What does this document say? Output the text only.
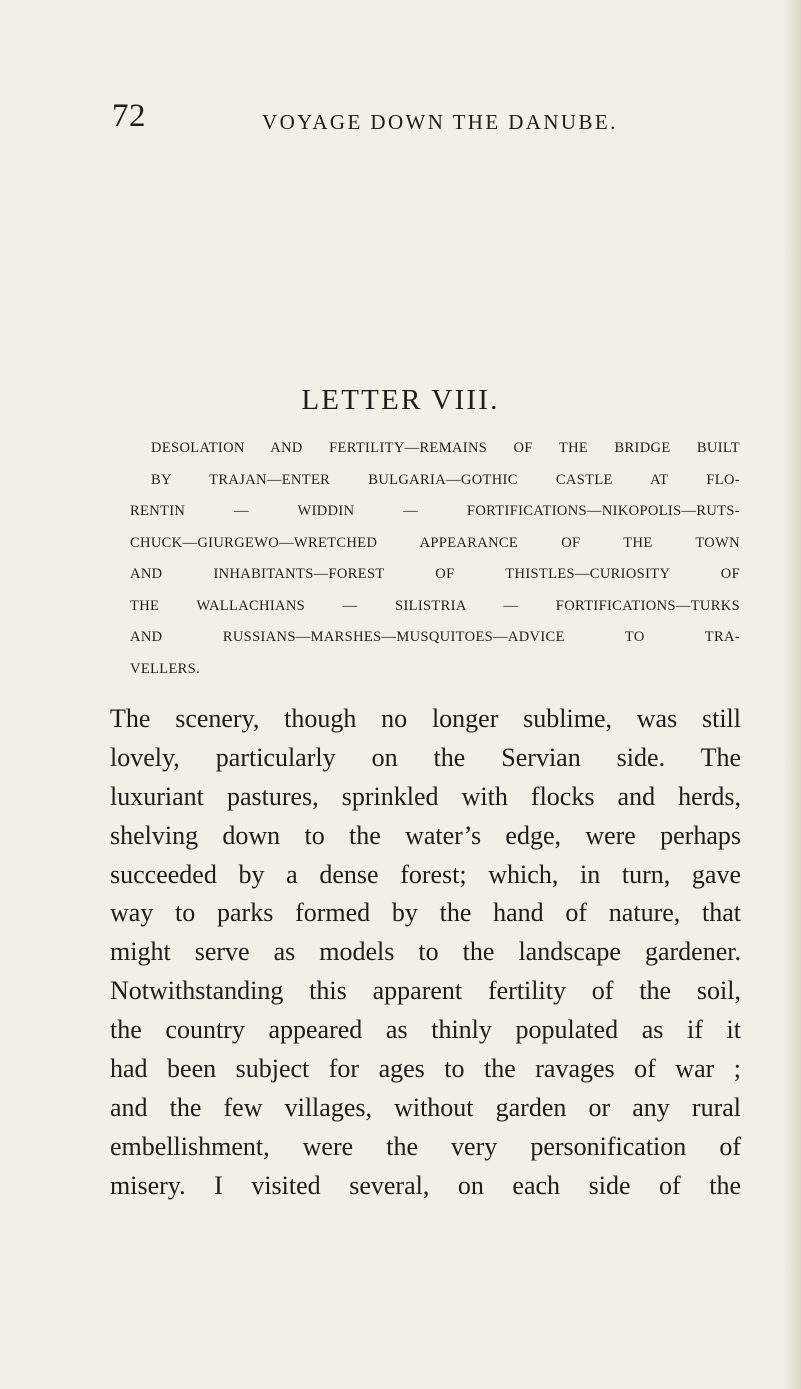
72	VOYAGE DOWN THE DANUBE.
LETTER VIII.
DESOLATION AND FERTILITY—REMAINS OF THE BRIDGE BUILT
BY TRAJAN—ENTER BULGARIA—GOTHIC CASTLE AT FLO-
RENTIN — WIDDIN — FORTIFICATIONS—NIKOPOLIS—RUTS-
CHUCK—GIURGEWO—WRETCHED APPEARANCE OF THE TOWN
AND INHABITANTS—FOREST OF THISTLES—CURIOSITY OF
THE WALLACHIANS — SILISTRIA — FORTIFICATIONS—TURKS
AND RUSSIANS—MARSHES—MUSQUITOES—ADVICE TO TRA-
VELLERS.
The scenery, though no longer sublime, was still
lovely, particularly on the Servian side. The
luxuriant pastures, sprinkled with flocks and herds,
shelving down to the water’s edge, were perhaps
succeeded by a dense forest; which, in turn, gave
way to parks formed by the hand of nature, that
might serve as models to the landscape gardener.
Notwithstanding this apparent fertility of the soil,
the country appeared as thinly populated as if it
had been subject for ages to the ravages of war ;
and the few villages, without garden or any rural
embellishment, were the very personification of
misery. I visited several, on each side of the
